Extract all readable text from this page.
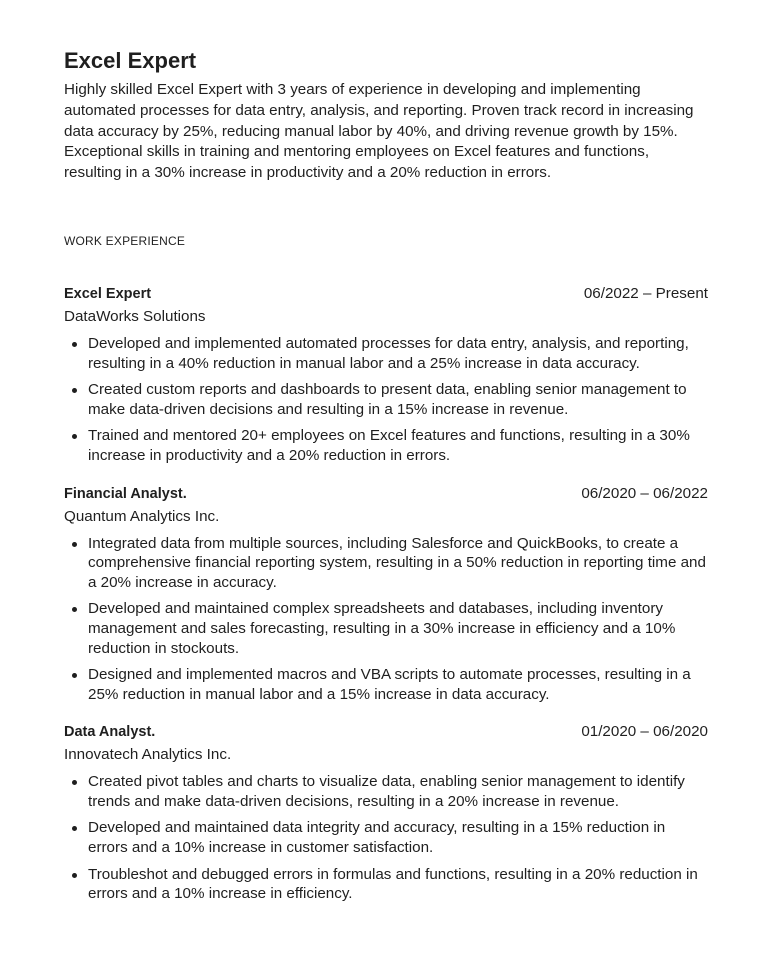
Excel Expert

Highly skilled Excel Expert with 3 years of experience in developing and implementing automated processes for data entry, analysis, and reporting. Proven track record in increasing data accuracy by 25%, reducing manual labor by 40%, and driving revenue growth by 15%. Exceptional skills in training and mentoring employees on Excel features and functions, resulting in a 30% increase in productivity and a 20% reduction in errors.

WORK EXPERIENCE
Excel Expert	06/2022 – Present
DataWorks Solutions
Developed and implemented automated processes for data entry, analysis, and reporting, resulting in a 40% reduction in manual labor and a 25% increase in data accuracy.
Created custom reports and dashboards to present data, enabling senior management to make data-driven decisions and resulting in a 15% increase in revenue.
Trained and mentored 20+ employees on Excel features and functions, resulting in a 30% increase in productivity and a 20% reduction in errors.
Financial Analyst.	06/2020 – 06/2022
Quantum Analytics Inc.
Integrated data from multiple sources, including Salesforce and QuickBooks, to create a comprehensive financial reporting system, resulting in a 50% reduction in reporting time and a 20% increase in accuracy.
Developed and maintained complex spreadsheets and databases, including inventory management and sales forecasting, resulting in a 30% increase in efficiency and a 10% reduction in stockouts.
Designed and implemented macros and VBA scripts to automate processes, resulting in a 25% reduction in manual labor and a 15% increase in data accuracy.
Data Analyst.	01/2020 – 06/2020
Innovatech Analytics Inc.
Created pivot tables and charts to visualize data, enabling senior management to identify trends and make data-driven decisions, resulting in a 20% increase in revenue.
Developed and maintained data integrity and accuracy, resulting in a 15% reduction in errors and a 10% increase in customer satisfaction.
Troubleshot and debugged errors in formulas and functions, resulting in a 20% reduction in errors and a 10% increase in efficiency.
